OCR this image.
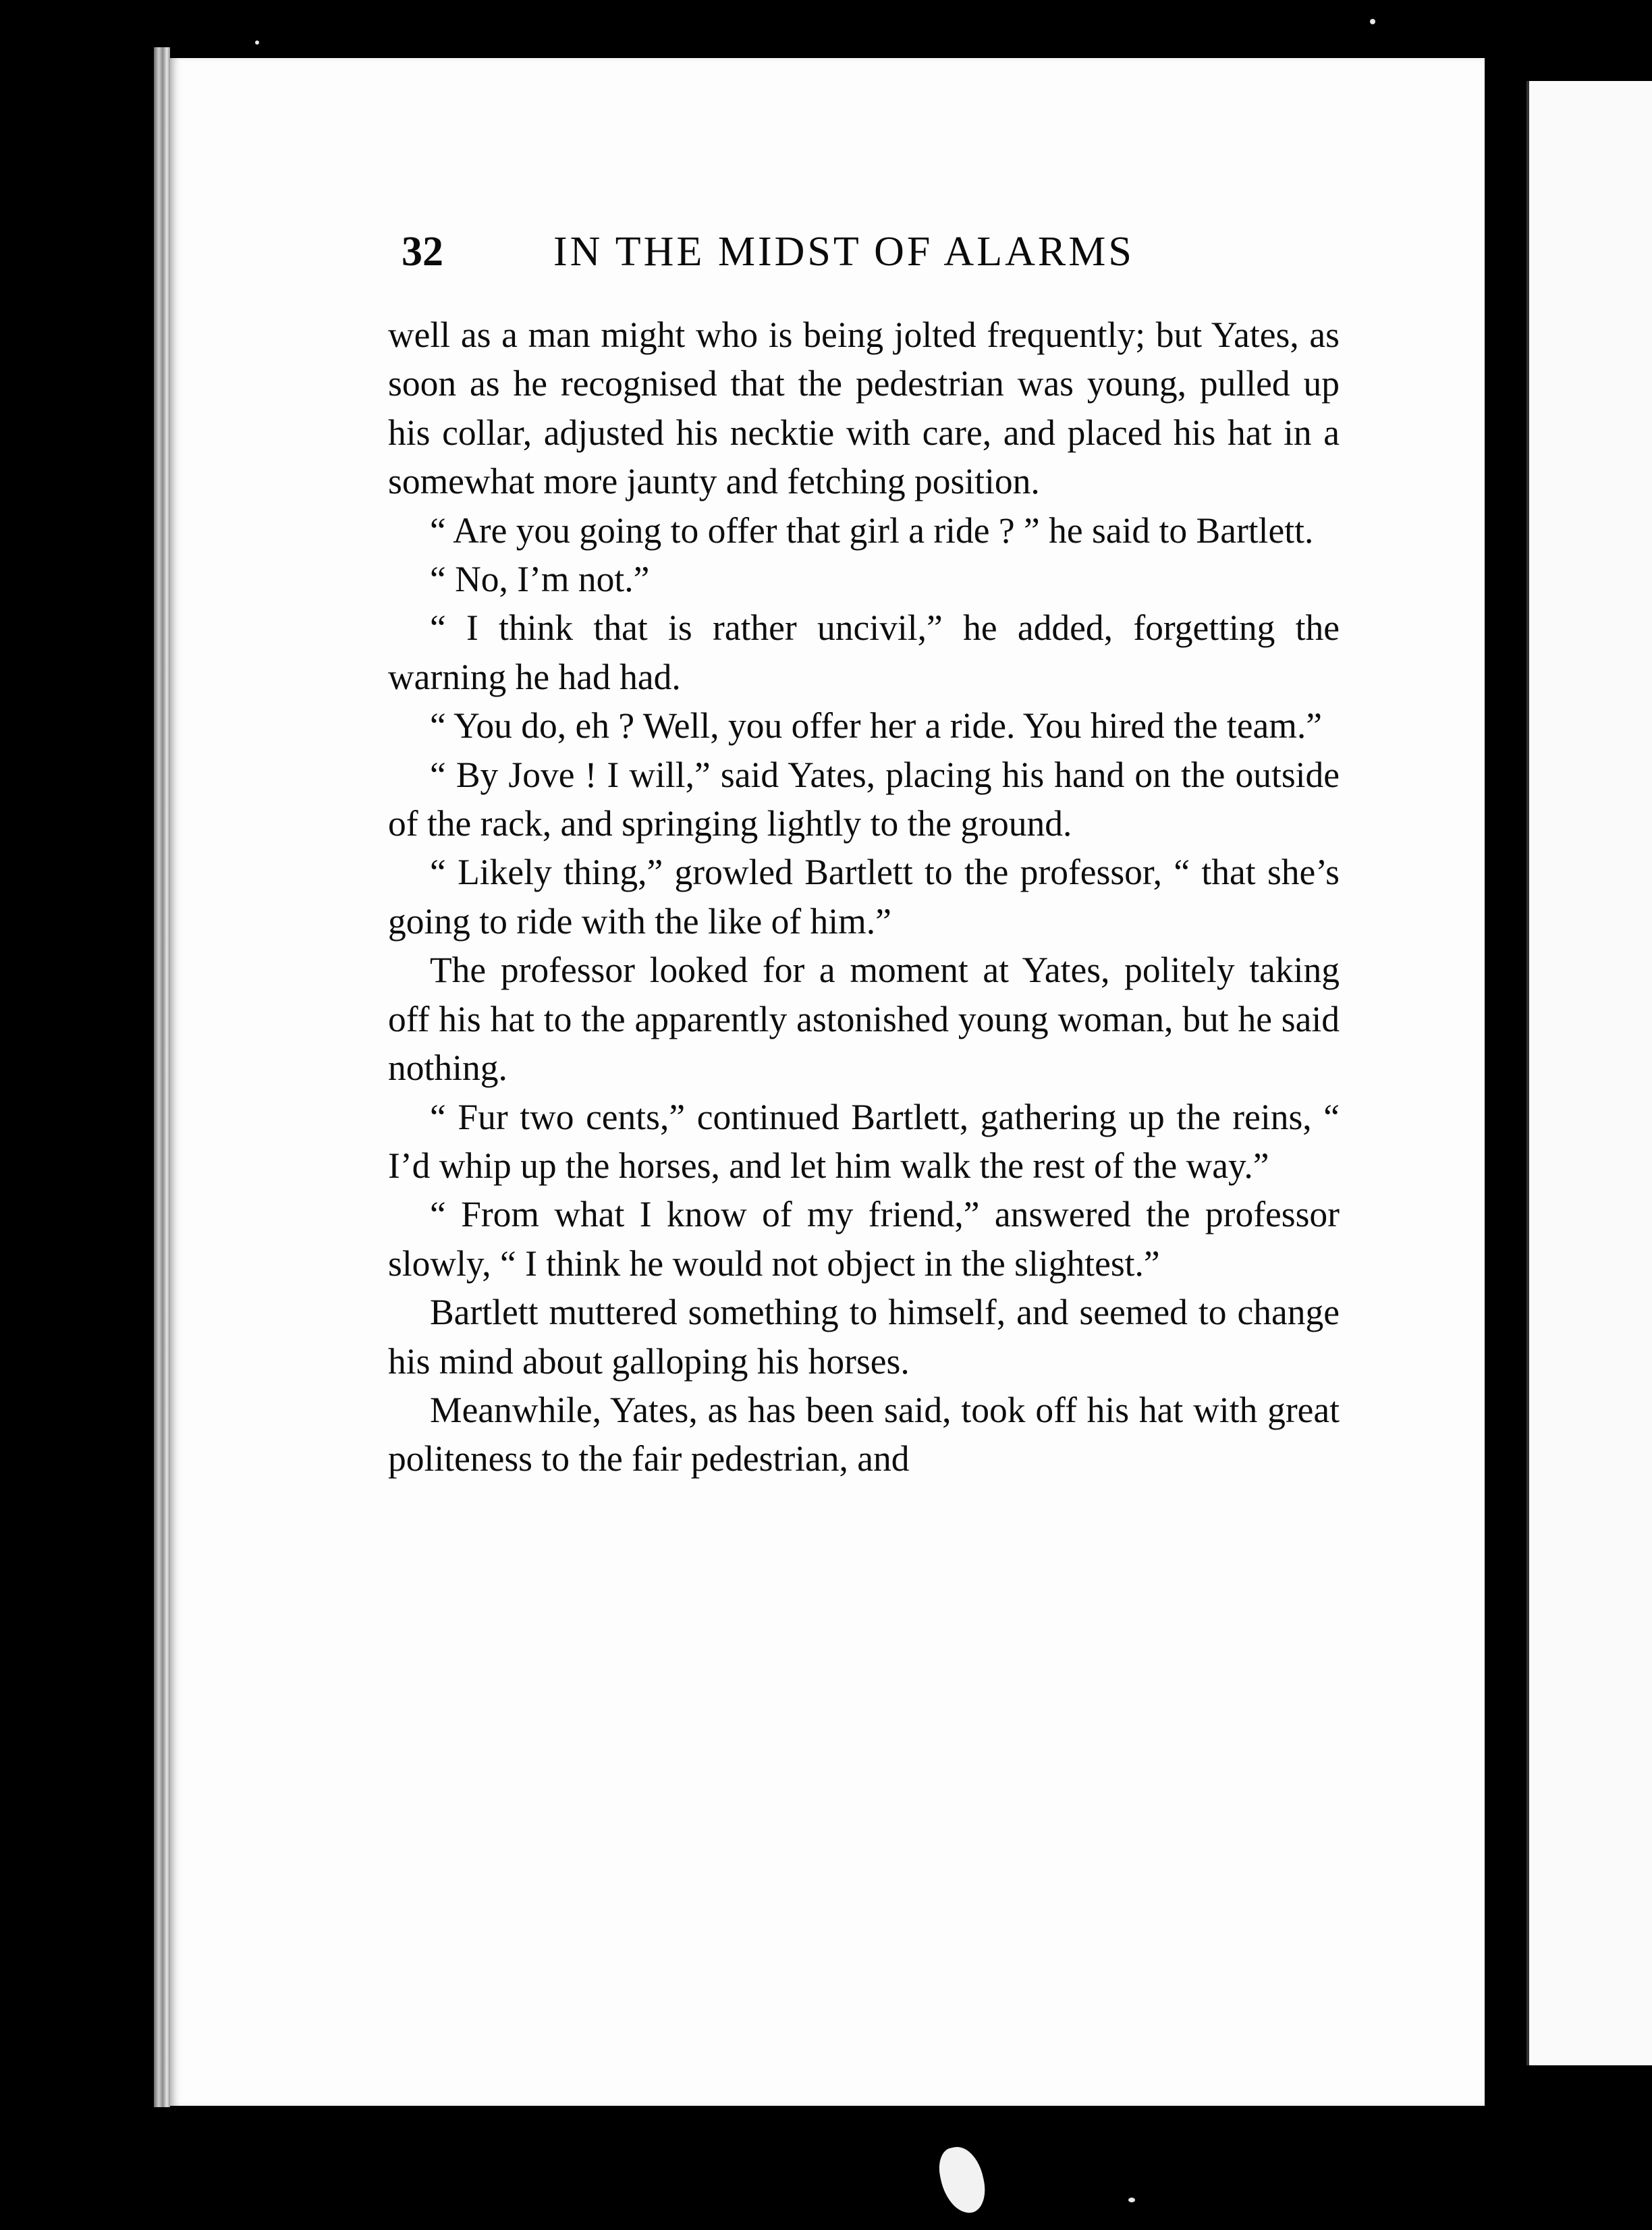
32	IN THE MIDST OF ALARMS

well as a man might who is being jolted frequently; but Yates, as soon as he recognised that the pedestrian was young, pulled up his collar, adjusted his necktie with care, and placed his hat in a somewhat more jaunty and fetching position.

“ Are you going to offer that girl a ride ? ” he said to Bartlett.

“ No, I’m not.”

“ I think that is rather uncivil,” he added, forgetting the warning he had had.

“ You do, eh ? Well, you offer her a ride. You hired the team.”

“ By Jove ! I will,” said Yates, placing his hand on the outside of the rack, and springing lightly to the ground.

“ Likely thing,” growled Bartlett to the professor, “ that she’s going to ride with the like of him.”

The professor looked for a moment at Yates, politely taking off his hat to the apparently astonished young woman, but he said nothing.

“ Fur two cents,” continued Bartlett, gathering up the reins, “ I’d whip up the horses, and let him walk the rest of the way.”

“ From what I know of my friend,” answered the professor slowly, “ I think he would not object in the slightest.”

Bartlett muttered something to himself, and seemed to change his mind about galloping his horses.

Meanwhile, Yates, as has been said, took off his hat with great politeness to the fair pedestrian, and
